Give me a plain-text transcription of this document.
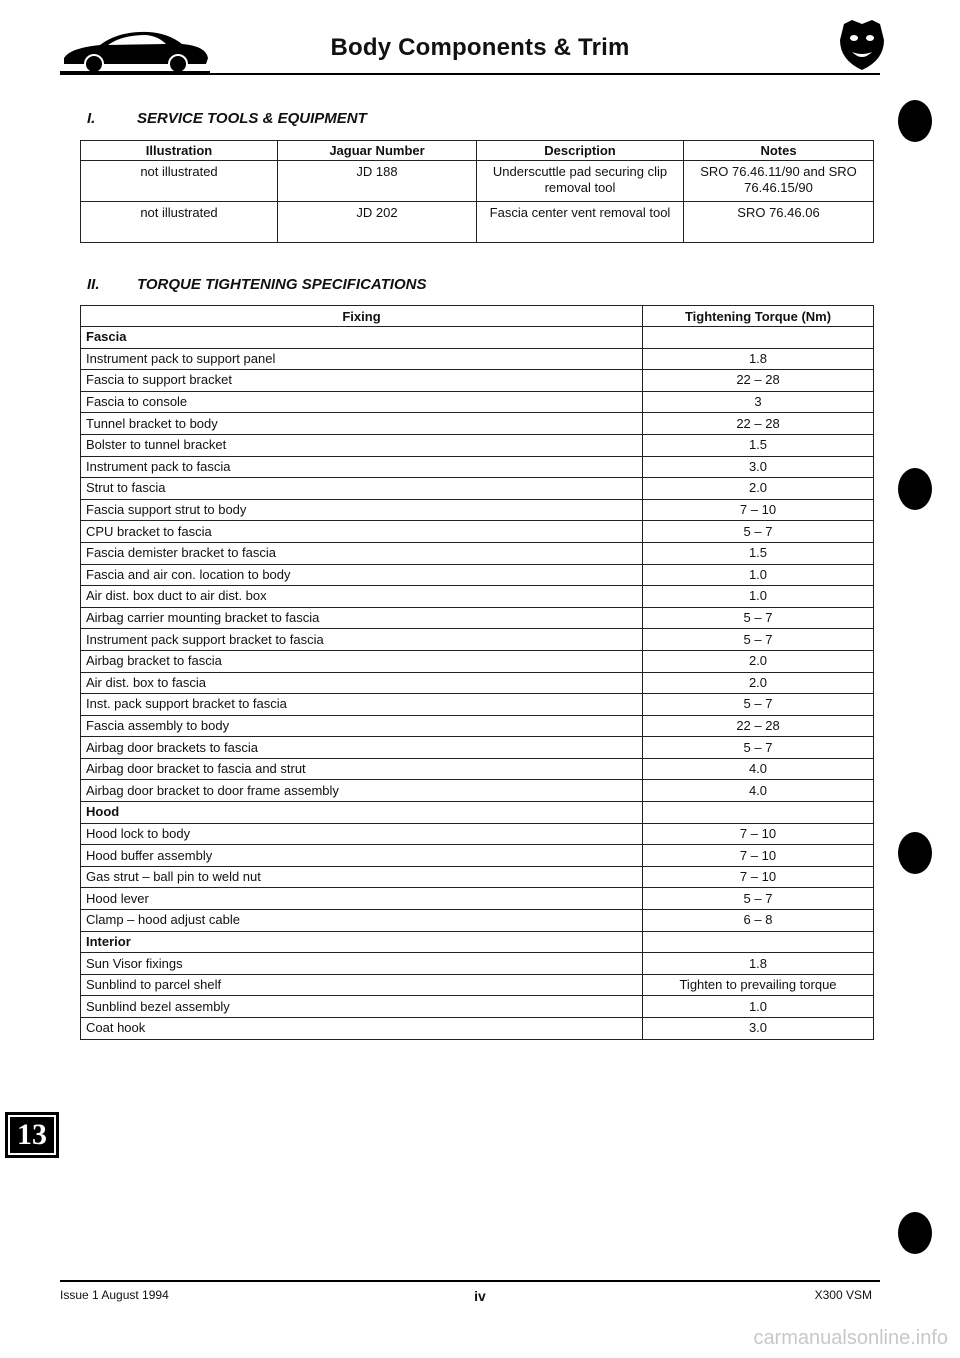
Body Components & Trim
I.	SERVICE TOOLS & EQUIPMENT
Illustration	Jaguar Number	Description	Notes
not illustrated	JD 188	Underscuttle pad securing clip removal tool	SRO 76.46.11/90 and SRO 76.46.15/90
not illustrated	JD 202	Fascia center vent removal tool	SRO 76.46.06
II. TORQUE TIGHTENING SPECIFICATIONS
Fixing	Tightening Torque (Nm)
Fascia	
Instrument pack to support panel	1.8
Fascia to support bracket	22 – 28
Fascia to console	3
Tunnel bracket to body	22 – 28
Bolster to tunnel bracket	1.5
Instrument pack to fascia	3.0
Strut to fascia	2.0
Fascia support strut to body	7 – 10
CPU bracket to fascia	5 – 7
Fascia demister bracket to fascia	1.5
Fascia and air con. location to body	1.0
Air dist. box duct to air dist. box	1.0
Airbag carrier mounting bracket to fascia	5 – 7
Instrument pack support bracket to fascia	5 – 7
Airbag bracket to fascia	2.0
Air dist. box to fascia	2.0
Inst. pack support bracket to fascia	5 – 7
Fascia assembly to body	22 – 28
Airbag door brackets to fascia	5 – 7
Airbag door bracket to fascia and strut	4.0
Airbag door bracket to door frame assembly	4.0
Hood	
Hood lock to body	7 – 10
Hood buffer assembly	7 – 10
Gas strut – ball pin to weld nut	7 – 10
Hood lever	5 – 7
Clamp – hood adjust cable	6 – 8
Interior	
Sun Visor fixings	1.8
Sunblind to parcel shelf	Tighten to prevailing torque
Sunblind bezel assembly	1.0
Coat hook	3.0
13
Issue 1 August 1994	iv	X300 VSM
carmanualsonline.info
